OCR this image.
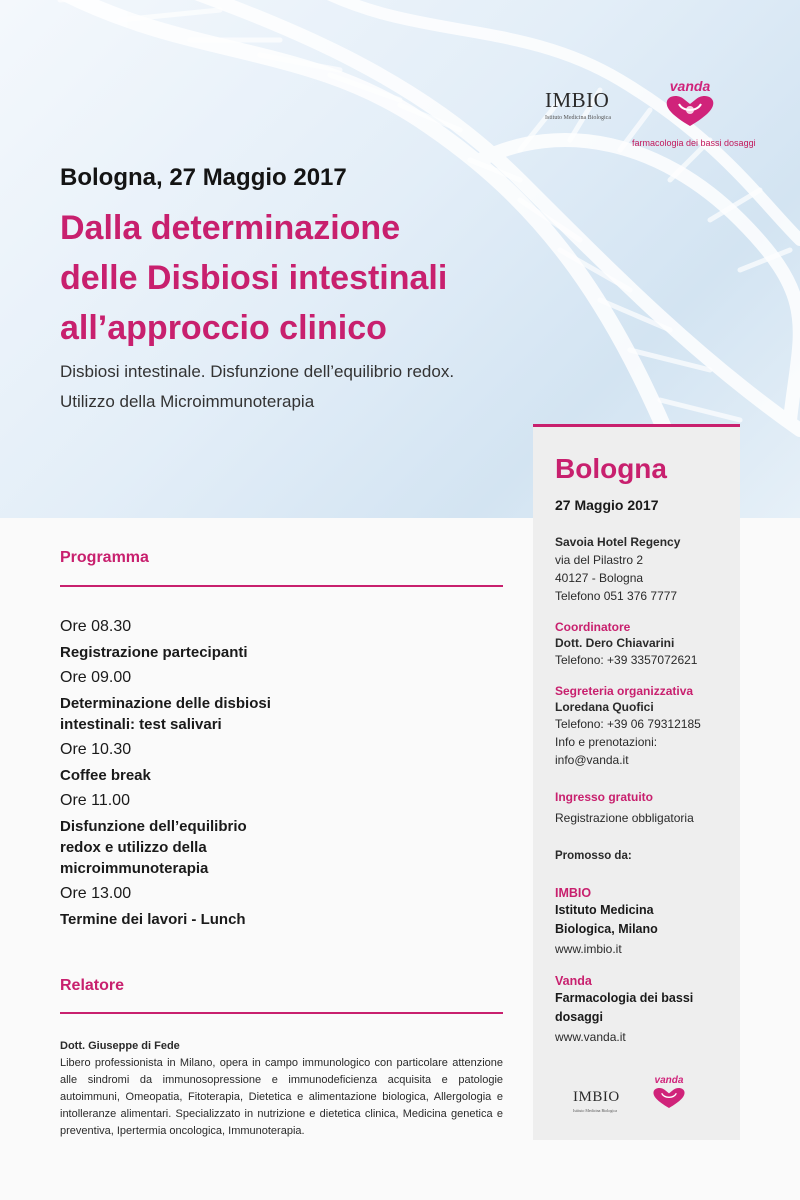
IMBIO
Istituto Medicina Biologica
vanda
farmacologia dei bassi dosaggi
Bologna, 27 Maggio 2017
Dalla determinazione
delle Disbiosi intestinali
all’approccio clinico
Disbiosi intestinale. Disfunzione dell’equilibrio redox.
Utilizzo della Microimmunoterapia
Programma
Ore 08.30
Registrazione partecipanti
Ore 09.00
Determinazione delle disbiosi intestinali: test salivari
Ore 10.30
Coffee break
Ore 11.00
Disfunzione dell’equilibrio redox e utilizzo della microimmunoterapia
Ore 13.00
Termine dei lavori - Lunch
Relatore
Dott. Giuseppe di Fede
Libero professionista in Milano, opera in campo immunologico con particolare attenzione alle sindromi da immunosopressione e immunodeficienza acquisita e patologie autoimmuni, Omeopatia, Fitoterapia, Dietetica e alimentazione biologica, Allergologia e intolleranze alimentari. Specializzato in nutrizione e dietetica clinica, Medicina genetica e preventiva, Ipertermia oncologica, Immunoterapia.
Bologna
27 Maggio 2017
Savoia Hotel Regency
via del Pilastro 2
40127 - Bologna
Telefono 051 376 7777
Coordinatore
Dott. Dero Chiavarini
Telefono: +39 3357072621
Segreteria organizzativa
Loredana Quofici
Telefono: +39 06 79312185
Info e prenotazioni:
info@vanda.it
Ingresso gratuito
Registrazione obbligatoria
Promosso da:
IMBIO
Istituto Medicina
Biologica, Milano
www.imbio.it
Vanda
Farmacologia dei bassi
dosaggi
www.vanda.it
IMBIO
Istituto Medicina Biologica
vanda
